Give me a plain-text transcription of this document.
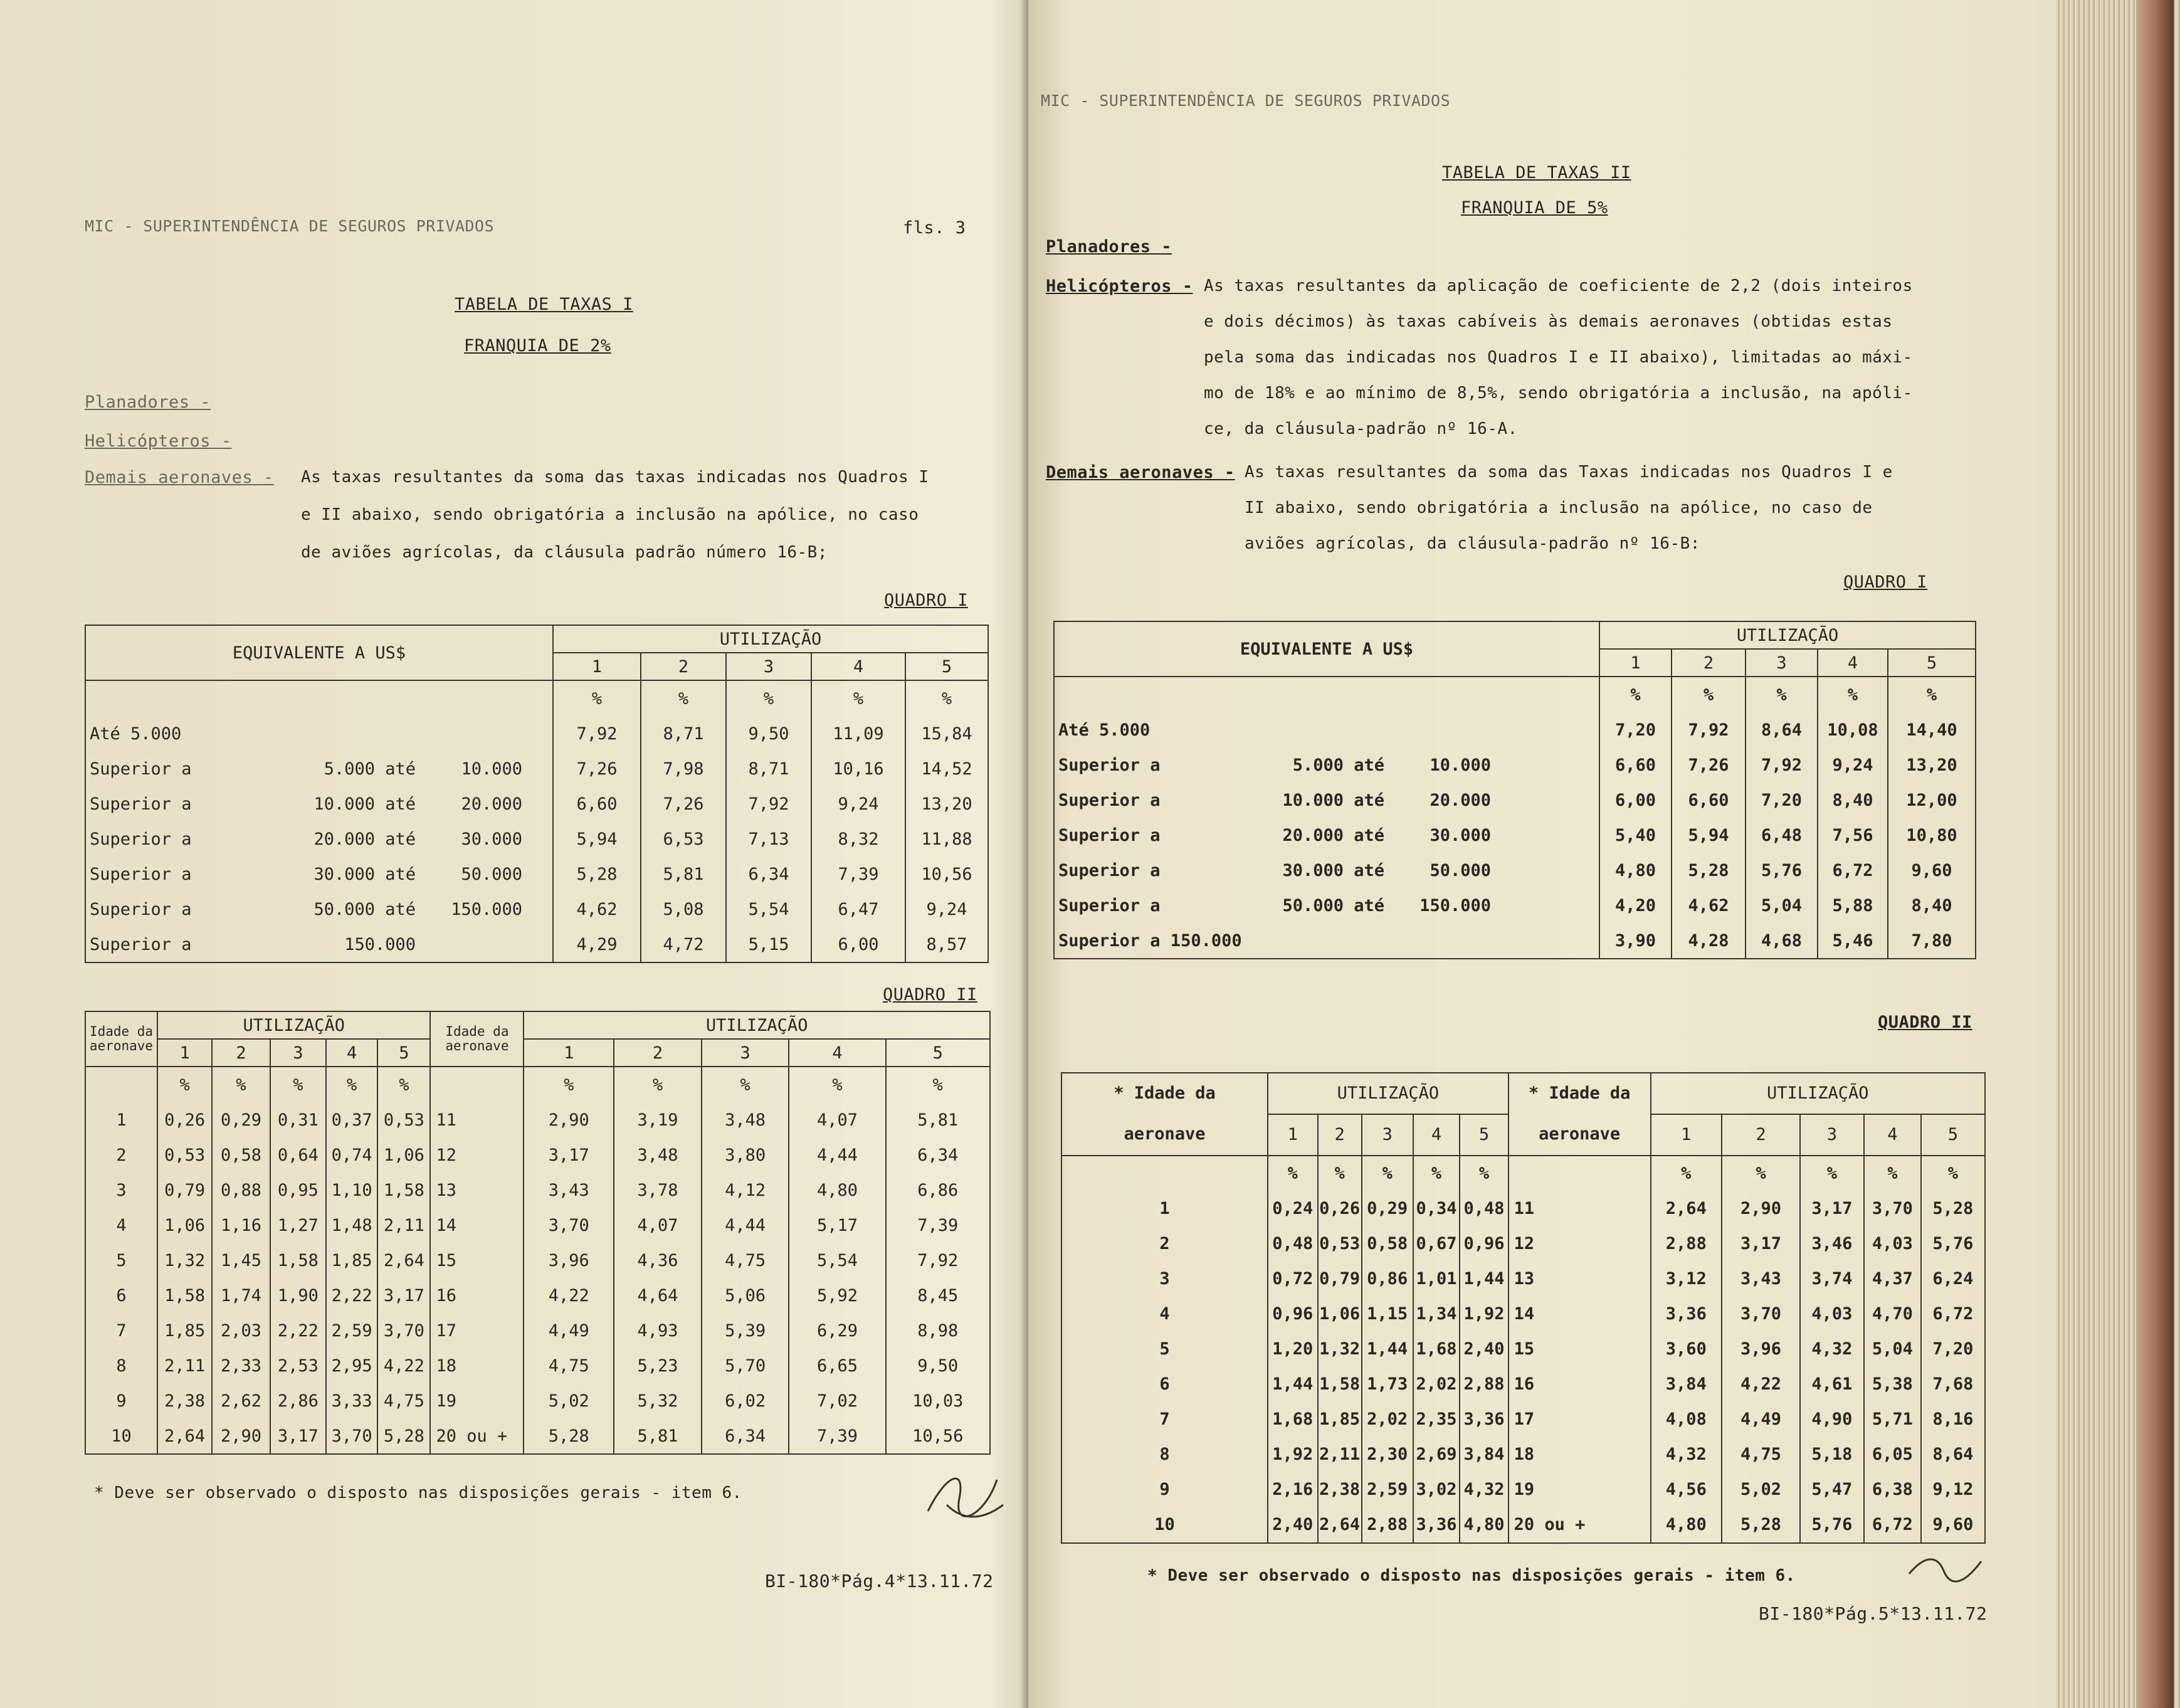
MIC - SUPERINTENDÊNCIA DE SEGUROS PRIVADOS	fls. 3
TABELA DE TAXAS I
FRANQUIA DE 2%
Planadores -
Helicópteros -
Demais aeronaves - As taxas resultantes da soma das taxas indicadas nos Quadros I
e II abaixo, sendo obrigatória a inclusão na apólice, no caso
de aviões agrícolas, da cláusula padrão número 16-B;
QUADRO I
EQUIVALENTE A US$	UTILIZAÇÃO				
	1	2	3	4	5
	%	%	%	%	%
Até 5.000	7,92	8,71	9,50	11,09	15,84
Superior a 5.000 até 10.000	7,26	7,98	8,71	10,16	14,52
Superior a 10.000 até 20.000	6,60	7,26	7,92	9,24	13,20
Superior a 20.000 até 30.000	5,94	6,53	7,13	8,32	11,88
Superior a 30.000 até 50.000	5,28	5,81	6,34	7,39	10,56
Superior a 50.000 até 150.000	4,62	5,08	5,54	6,47	9,24
Superior a 150.000	4,29	4,72	5,15	6,00	8,57
QUADRO II
Idade da aeronave	UTILIZAÇÃO					Idade da aeronave	UTILIZAÇÃO				
	1	2	3	4	5		1	2	3	4	5
	%	%	%	%	%		%	%	%	%	%
1	0,26	0,29	0,31	0,37	0,53	11	2,90	3,19	3,48	4,07	5,81
2	0,53	0,58	0,64	0,74	1,06	12	3,17	3,48	3,80	4,44	6,34
3	0,79	0,88	0,95	1,10	1,58	13	3,43	3,78	4,12	4,80	6,86
4	1,06	1,16	1,27	1,48	2,11	14	3,70	4,07	4,44	5,17	7,39
5	1,32	1,45	1,58	1,85	2,64	15	3,96	4,36	4,75	5,54	7,92
6	1,58	1,74	1,90	2,22	3,17	16	4,22	4,64	5,06	5,92	8,45
7	1,85	2,03	2,22	2,59	3,70	17	4,49	4,93	5,39	6,29	8,98
8	2,11	2,33	2,53	2,95	4,22	18	4,75	5,23	5,70	6,65	9,50
9	2,38	2,62	2,86	3,33	4,75	19	5,02	5,32	6,02	7,02	10,03
10	2,64	2,90	3,17	3,70	5,28	20 ou +	5,28	5,81	6,34	7,39	10,56
* Deve ser observado o disposto nas disposições gerais - item 6.
BI-180*Pág.4*13.11.72
MIC - SUPERINTENDÊNCIA DE SEGUROS PRIVADOS
TABELA DE TAXAS II
FRANQUIA DE 5%
Planadores -
Helicópteros - As taxas resultantes da aplicação de coeficiente de 2,2 (dois inteiros
e dois décimos) às taxas cabíveis às demais aeronaves (obtidas estas
pela soma das indicadas nos Quadros I e II abaixo), limitadas ao máxi-
mo de 18% e ao mínimo de 8,5%, sendo obrigatória a inclusão, na apóli-
ce, da cláusula-padrão nº 16-A.
Demais aeronaves - As taxas resultantes da soma das Taxas indicadas nos Quadros I e
II abaixo, sendo obrigatória a inclusão na apólice, no caso de
aviões agrícolas, da cláusula-padrão nº 16-B:
QUADRO I
EQUIVALENTE A US$	UTILIZAÇÃO				
	1	2	3	4	5
	%	%	%	%	%
Até 5.000	7,20	7,92	8,64	10,08	14,40
Superior a 5.000 até 10.000	6,60	7,26	7,92	9,24	13,20
Superior a 10.000 até 20.000	6,00	6,60	7,20	8,40	12,00
Superior a 20.000 até 30.000	5,40	5,94	6,48	7,56	10,80
Superior a 30.000 até 50.000	4,80	5,28	5,76	6,72	9,60
Superior a 50.000 até 150.000	4,20	4,62	5,04	5,88	8,40
Superior a 150.000	3,90	4,28	4,68	5,46	7,80
QUADRO II
* Idade da
aeronave	UTILIZAÇÃO					* Idade da
aeronave	UTILIZAÇÃO				
	1	2	3	4	5		1	2	3	4	5
	%	%	%	%	%		%	%	%	%	%
1	0,24	0,26	0,29	0,34	0,48	11	2,64	2,90	3,17	3,70	5,28
2	0,48	0,53	0,58	0,67	0,96	12	2,88	3,17	3,46	4,03	5,76
3	0,72	0,79	0,86	1,01	1,44	13	3,12	3,43	3,74	4,37	6,24
4	0,96	1,06	1,15	1,34	1,92	14	3,36	3,70	4,03	4,70	6,72
5	1,20	1,32	1,44	1,68	2,40	15	3,60	3,96	4,32	5,04	7,20
6	1,44	1,58	1,73	2,02	2,88	16	3,84	4,22	4,61	5,38	7,68
7	1,68	1,85	2,02	2,35	3,36	17	4,08	4,49	4,90	5,71	8,16
8	1,92	2,11	2,30	2,69	3,84	18	4,32	4,75	5,18	6,05	8,64
9	2,16	2,38	2,59	3,02	4,32	19	4,56	5,02	5,47	6,38	9,12
10	2,40	2,64	2,88	3,36	4,80	20 ou +	4,80	5,28	5,76	6,72	9,60
* Deve ser observado o disposto nas disposições gerais - item 6.
BI-180*Pág.5*13.11.72
